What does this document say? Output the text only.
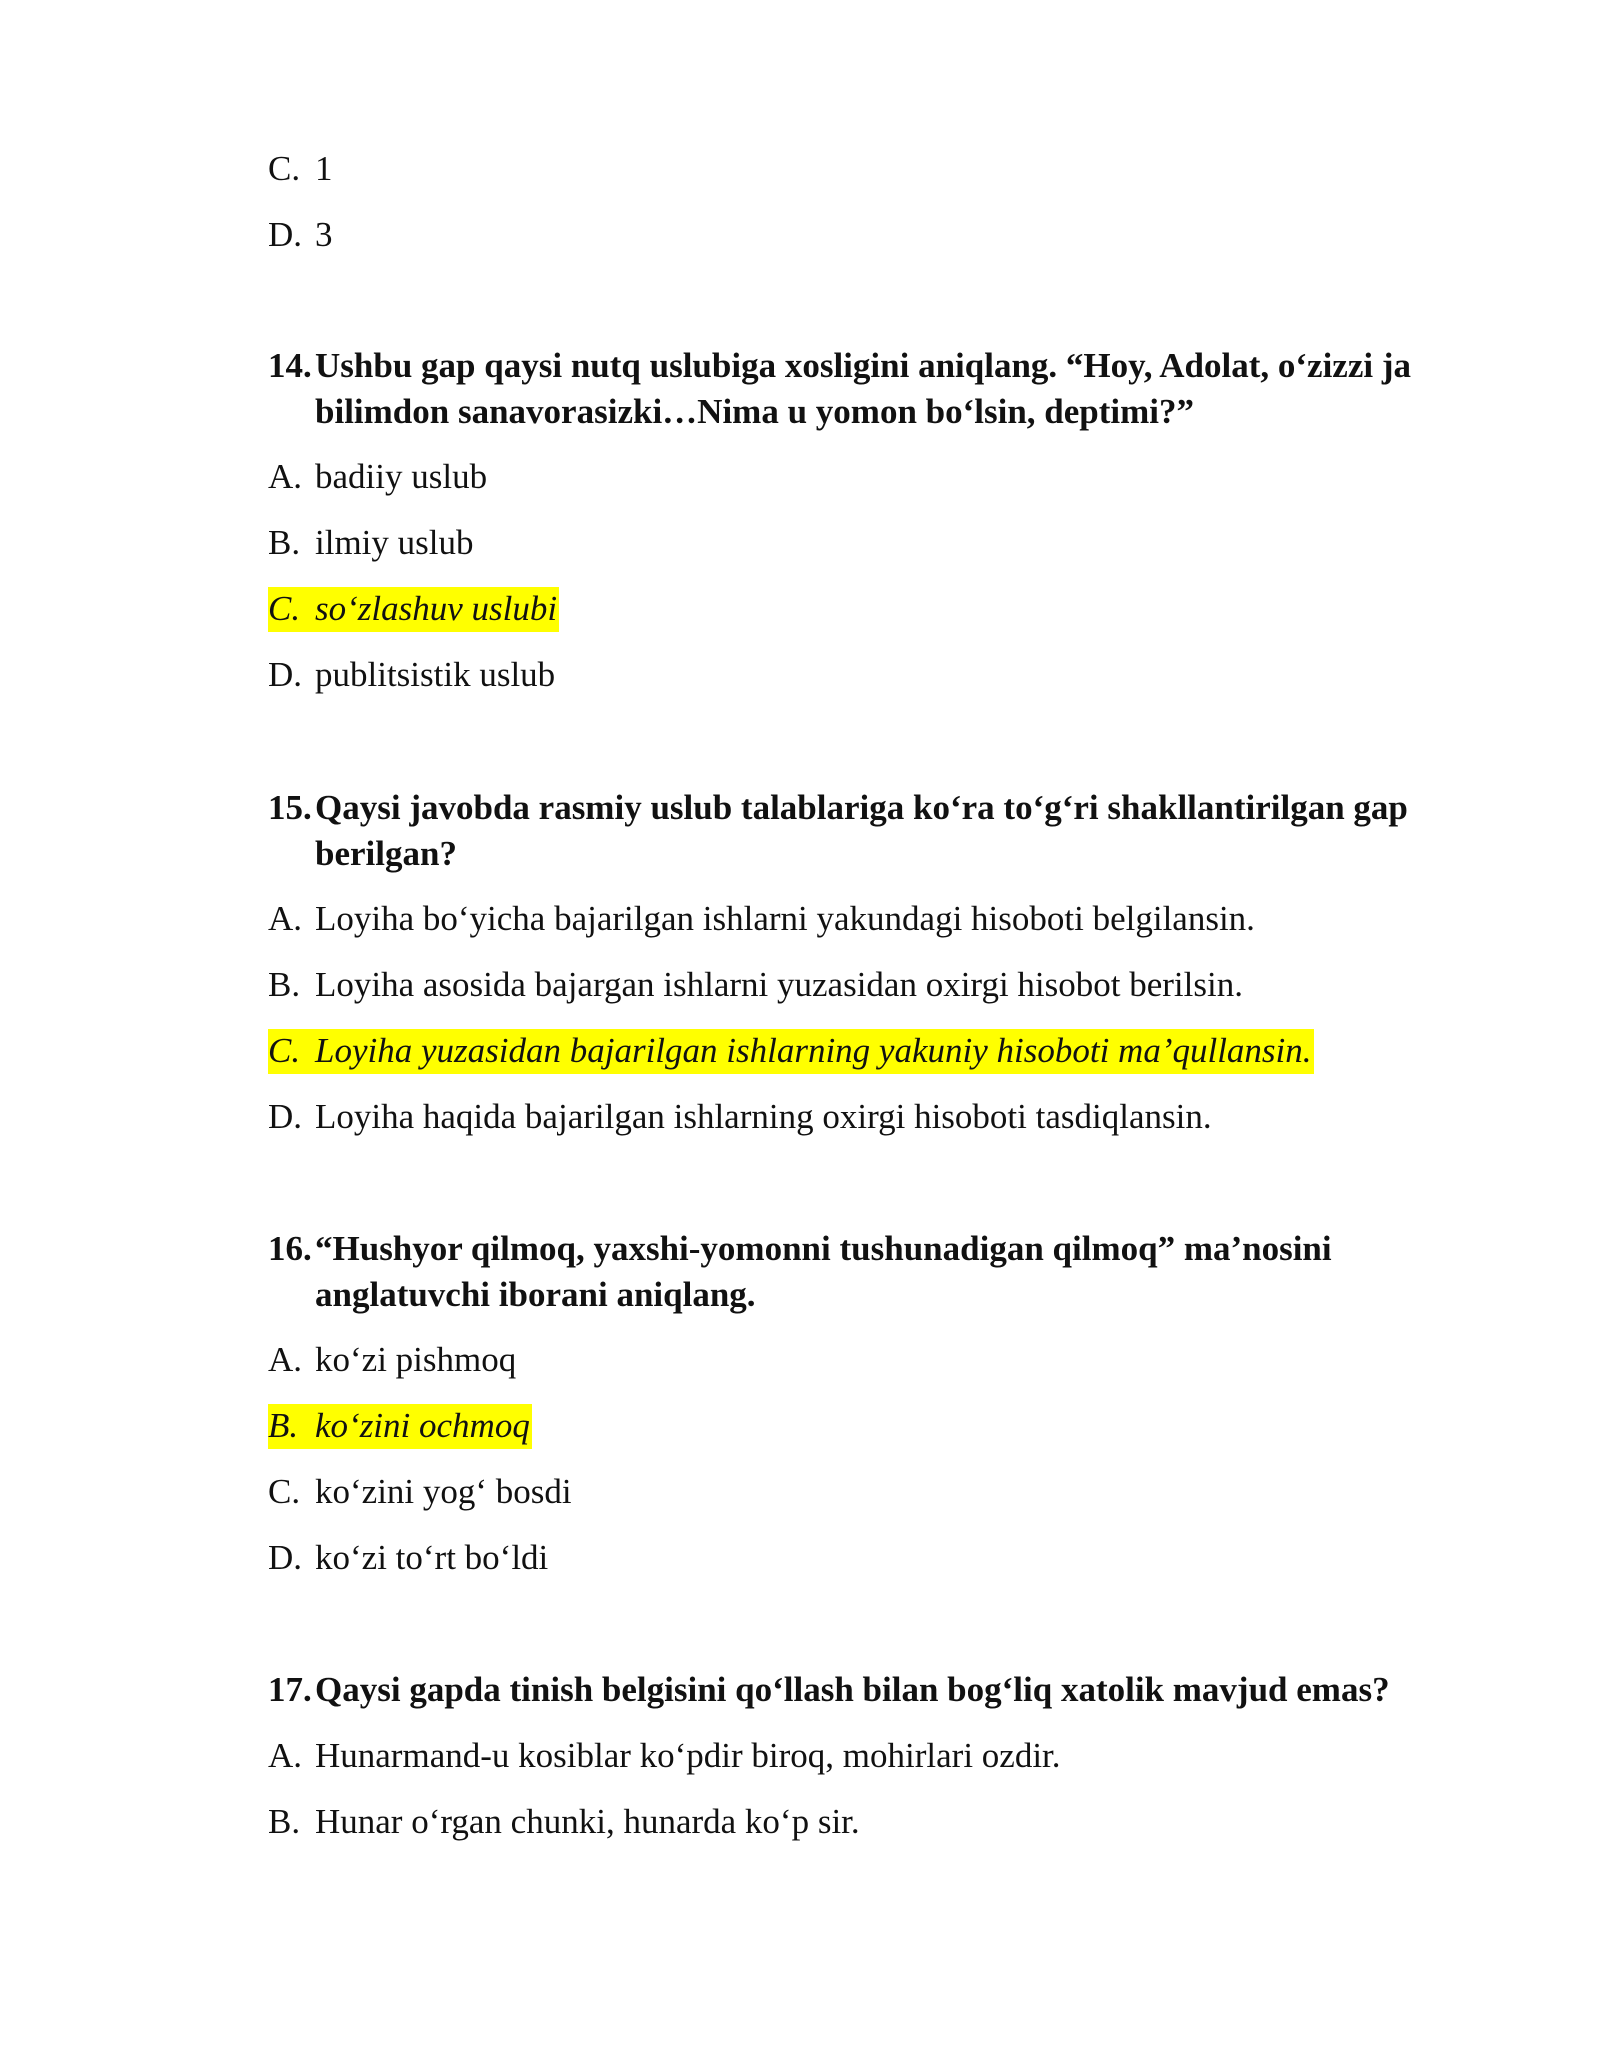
C. 1
D. 3
14. Ushbu gap qaysi nutq uslubiga xosligini aniqlang. “Hoy, Adolat, o‘zizzi ja bilimdon sanavorasizki…Nima u yomon bo‘lsin, deptimi?”
A. badiiy uslub
B. ilmiy uslub
C. so‘zlashuv uslubi
D. publitsistik uslub
15. Qaysi javobda rasmiy uslub talablariga ko‘ra to‘g‘ri shakllantirilgan gap berilgan?
A. Loyiha bo‘yicha bajarilgan ishlarni yakundagi hisoboti belgilansin.
B. Loyiha asosida bajargan ishlarni yuzasidan oxirgi hisobot berilsin.
C. Loyiha yuzasidan bajarilgan ishlarning yakuniy hisoboti ma’qullansin.
D. Loyiha haqida bajarilgan ishlarning oxirgi hisoboti tasdiqlansin.
16. “Hushyor qilmoq, yaxshi-yomonni tushunadigan qilmoq” ma’nosini anglatuvchi iborani aniqlang.
A. ko‘zi pishmoq
B. ko‘zini ochmoq
C. ko‘zini yog‘ bosdi
D. ko‘zi to‘rt bo‘ldi
17. Qaysi gapda tinish belgisini qo‘llash bilan bog‘liq xatolik mavjud emas?
A. Hunarmand-u kosiblar ko‘pdir biroq, mohirlari ozdir.
B. Hunar o‘rgan chunki, hunarda ko‘p sir.
